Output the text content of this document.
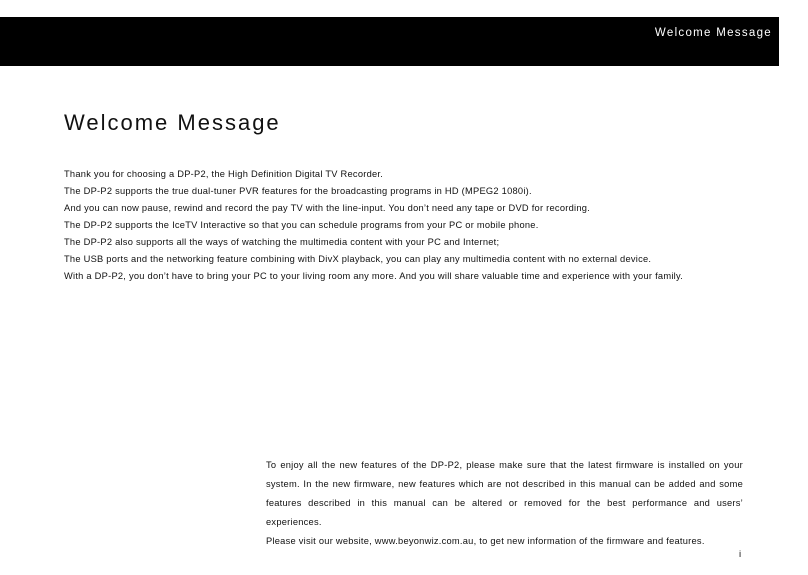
Welcome Message
Welcome Message

Thank you for choosing a DP-P2, the High Definition Digital TV Recorder.

The DP-P2 supports the true dual-tuner PVR features for the broadcasting programs in HD (MPEG2 1080i).

And you can now pause, rewind and record the pay TV with the line-input. You don’t need any tape or DVD for recording.

The DP-P2 supports the IceTV Interactive so that you can schedule programs from your PC or mobile phone.

The DP-P2 also supports all the ways of watching the multimedia content with your PC and Internet;

The USB ports and the networking feature combining with DivX playback, you can play any multimedia content with no external device.

With a DP-P2, you don’t have to bring your PC to your living room any more. And you will share valuable time and experience with your family.

To enjoy all the new features of the DP-P2, please make sure that the latest firmware is installed on your system. In the new firmware, new features which are not described in this manual can be added and some features described in this manual can be altered or removed for the best performance and users’ experiences.

Please visit our website, www.beyonwiz.com.au, to get new information of the firmware and features.

i
